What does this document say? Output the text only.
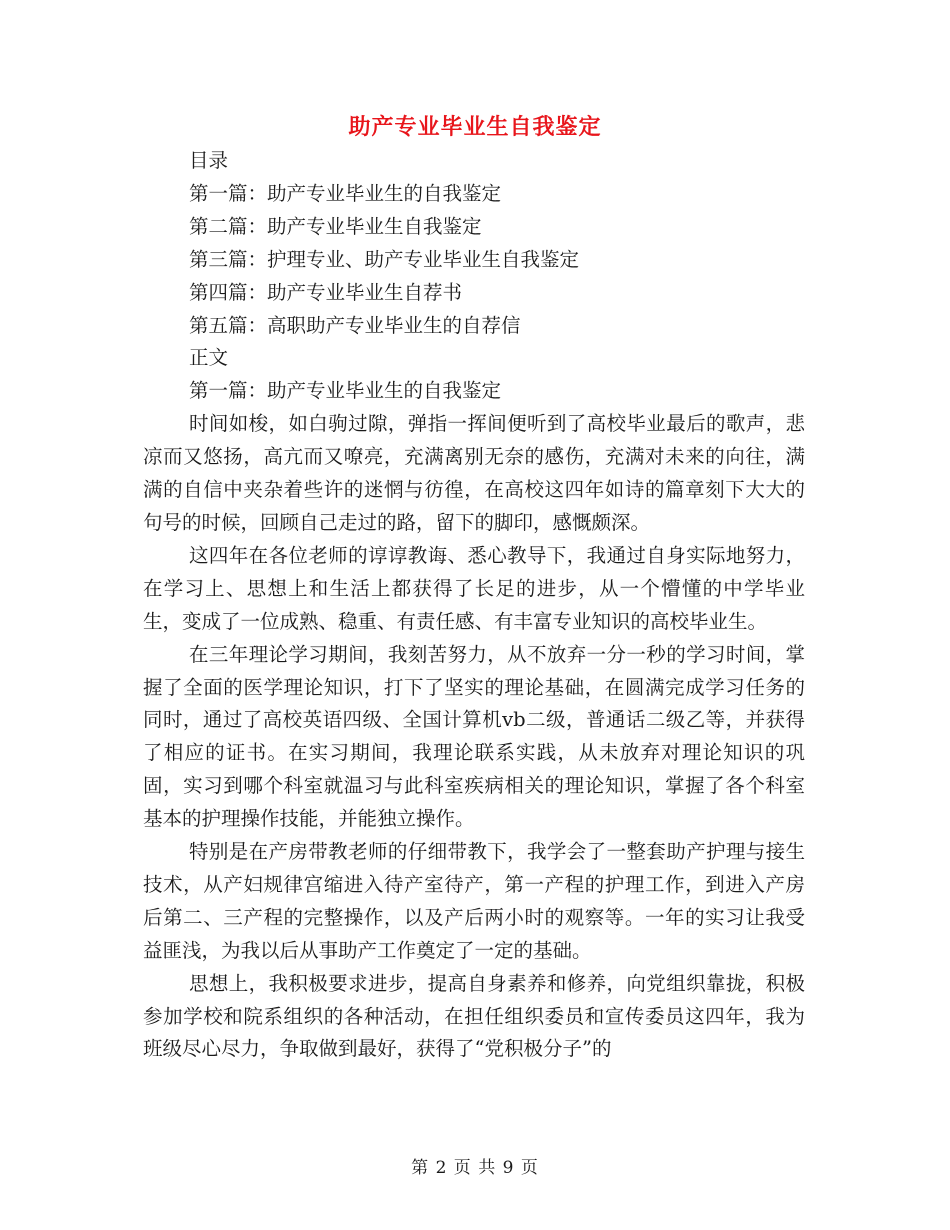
助产专业毕业生自我鉴定
目录
第一篇：助产专业毕业生的自我鉴定
第二篇：助产专业毕业生自我鉴定
第三篇：护理专业、助产专业毕业生自我鉴定
第四篇：助产专业毕业生自荐书
第五篇：高职助产专业毕业生的自荐信
正文
第一篇：助产专业毕业生的自我鉴定

时间如梭，如白驹过隙，弹指一挥间便听到了高校毕业最后的歌声，悲凉而又悠扬，高亢而又嘹亮，充满离别无奈的感伤，充满对未来的向往，满满的自信中夹杂着些许的迷惘与彷徨，在高校这四年如诗的篇章刻下大大的句号的时候，回顾自己走过的路，留下的脚印，感慨颇深。

这四年在各位老师的谆谆教诲、悉心教导下，我通过自身实际地努力，在学习上、思想上和生活上都获得了长足的进步，从一个懵懂的中学毕业生，变成了一位成熟、稳重、有责任感、有丰富专业知识的高校毕业生。

在三年理论学习期间，我刻苦努力，从不放弃一分一秒的学习时间，掌握了全面的医学理论知识，打下了坚实的理论基础，在圆满完成学习任务的同时，通过了高校英语四级、全国计算机vb二级，普通话二级乙等，并获得了相应的证书。在实习期间，我理论联系实践，从未放弃对理论知识的巩固，实习到哪个科室就温习与此科室疾病相关的理论知识，掌握了各个科室基本的护理操作技能，并能独立操作。

特别是在产房带教老师的仔细带教下，我学会了一整套助产护理与接生技术，从产妇规律宫缩进入待产室待产，第一产程的护理工作，到进入产房后第二、三产程的完整操作，以及产后两小时的观察等。一年的实习让我受益匪浅，为我以后从事助产工作奠定了一定的基础。

思想上，我积极要求进步，提高自身素养和修养，向党组织靠拢，积极参加学校和院系组织的各种活动，在担任组织委员和宣传委员这四年，我为班级尽心尽力，争取做到最好，获得了“党积极分子”的

第 2 页 共 9 页
